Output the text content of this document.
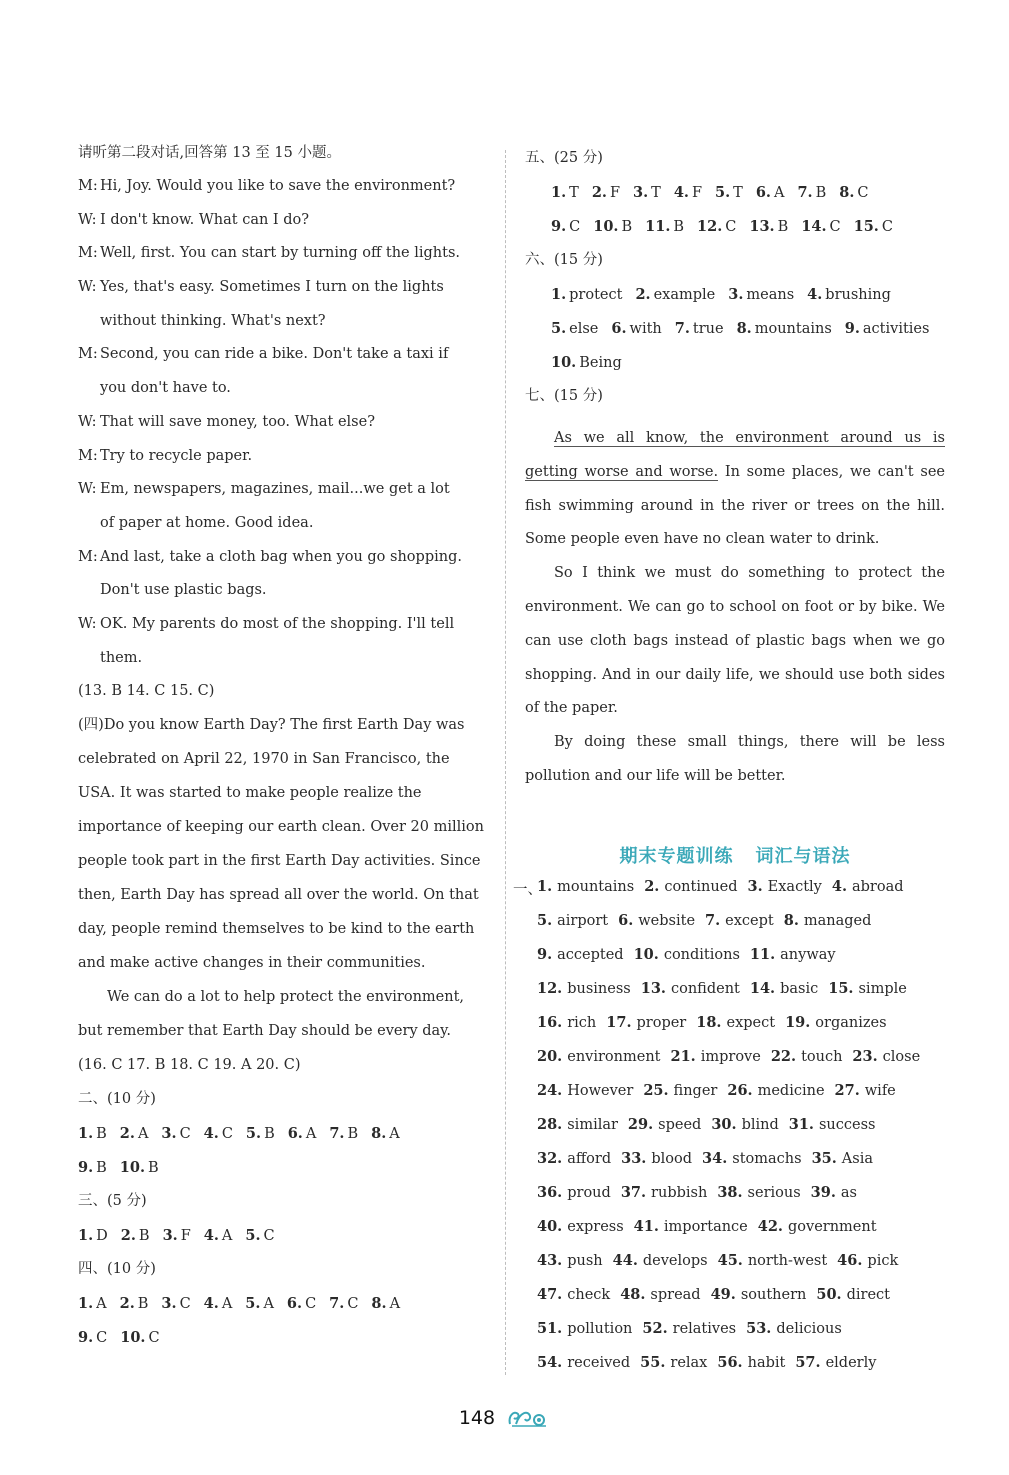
请听第二段对话,回答第 13 至 15 小题。
M: Hi, Joy. Would you like to save the environment?
W: I don't know. What can I do?
M: Well, first. You can start by turning off the lights.
W: Yes, that's easy. Sometimes I turn on the lights
without thinking. What's next?
M: Second, you can ride a bike. Don't take a taxi if
you don't have to.
W: That will save money, too. What else?
M: Try to recycle paper.
W: Em, newspapers, magazines, mail...we get a lot
of paper at home. Good idea.
M: And last, take a cloth bag when you go shopping.
Don't use plastic bags.
W: OK. My parents do most of the shopping. I'll tell
them.
(13. B 14. C 15. C)
(四)Do you know Earth Day? The first Earth Day was
celebrated on April 22, 1970 in San Francisco, the
USA. It was started to make people realize the
importance of keeping our earth clean. Over 20 million
people took part in the first Earth Day activities. Since
then, Earth Day has spread all over the world. On that
day, people remind themselves to be kind to the earth
and make active changes in their communities.
We can do a lot to help protect the environment,
but remember that Earth Day should be every day.
(16. C 17. B 18. C 19. A 20. C)
二、(10 分)
1. B 2. A 3. C 4. C 5. B 6. A 7. B 8. A
9. B 10. B
三、(5 分)
1. D 2. B 3. F 4. A 5. C
四、(10 分)
1. A 2. B 3. C 4. A 5. A 6. C 7. C 8. A
9. C 10. C
五、(25 分)
1. T 2. F 3. T 4. F 5. T 6. A 7. B 8. C
9. C 10. B 11. B 12. C 13. B 14. C 15. C
六、(15 分)
1. protect 2. example 3. means 4. brushing
5. else 6. with 7. true 8. mountains 9. activities
10. Being
七、(15 分)

As we all know, the environment around us is getting worse and worse. In some places, we can't see fish swimming around in the river or trees on the hill. Some people even have no clean water to drink.

So I think we must do something to protect the environment. We can go to school on foot or by bike. We can use cloth bags instead of plastic bags when we go shopping. And in our daily life, we should use both sides of the paper.

By doing these small things, there will be less pollution and our life will be better.

期末专题训练 词汇与语法
一、
1. mountains 2. continued 3. Exactly 4. abroad
5. airport 6. website 7. except 8. managed
9. accepted 10. conditions 11. anyway
12. business 13. confident 14. basic 15. simple
16. rich 17. proper 18. expect 19. organizes
20. environment 21. improve 22. touch 23. close
24. However 25. finger 26. medicine 27. wife
28. similar 29. speed 30. blind 31. success
32. afford 33. blood 34. stomachs 35. Asia
36. proud 37. rubbish 38. serious 39. as
40. express 41. importance 42. government
43. push 44. develops 45. north-west 46. pick
47. check 48. spread 49. southern 50. direct
51. pollution 52. relatives 53. delicious
54. received 55. relax 56. habit 57. elderly
148
